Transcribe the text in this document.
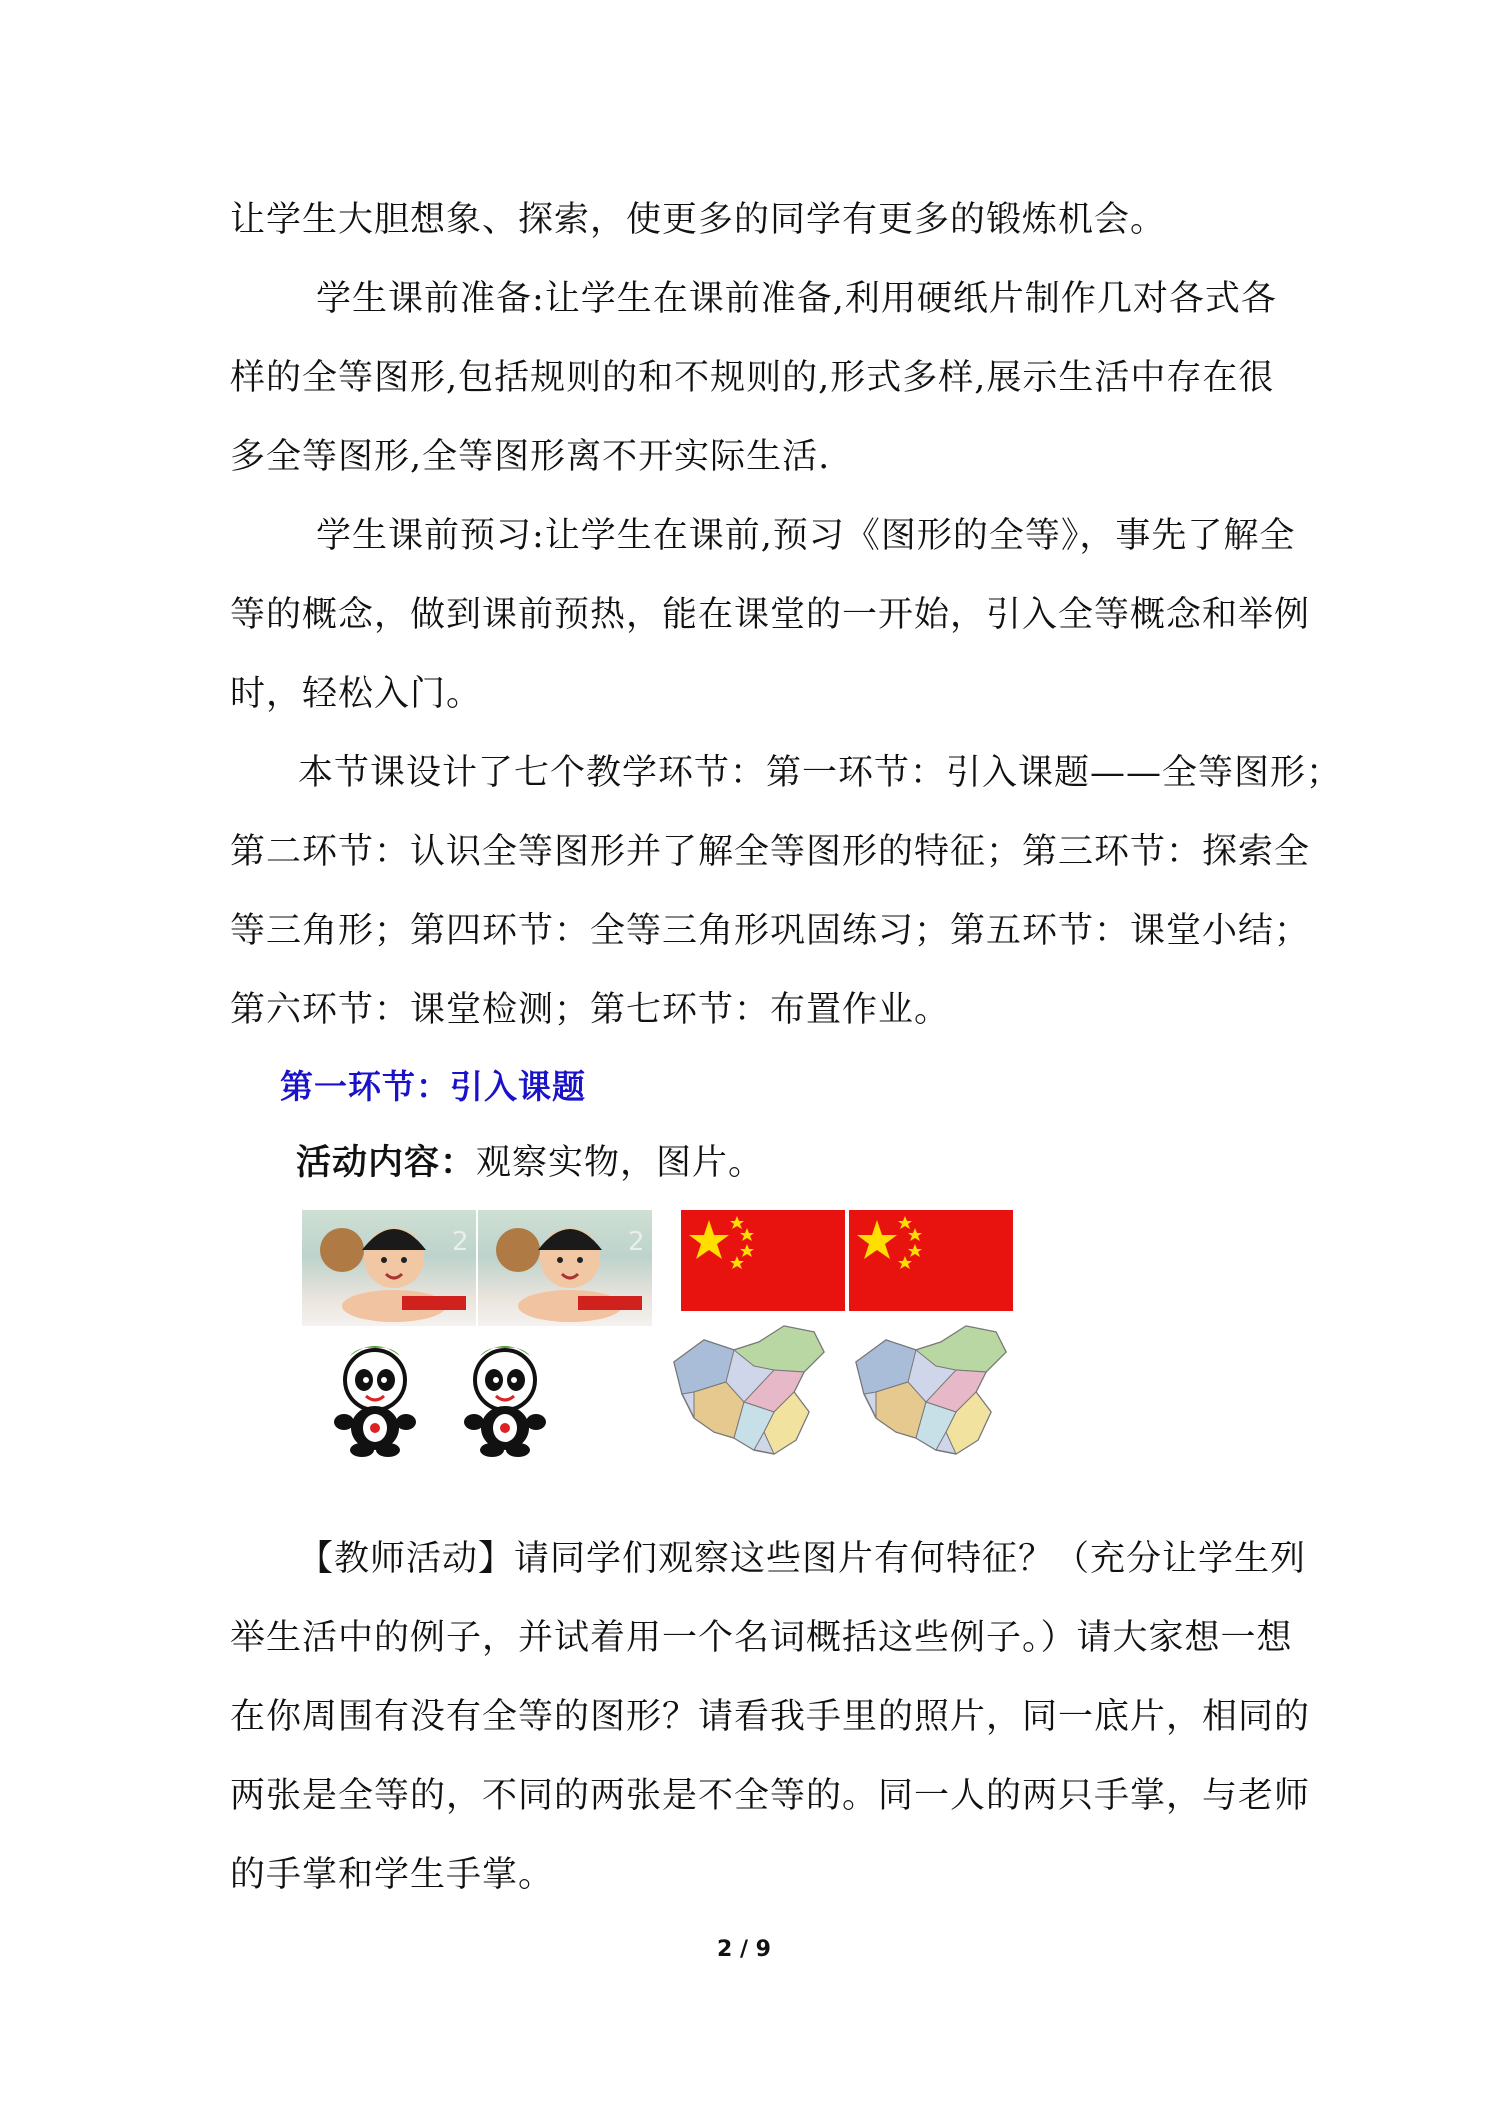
让学生大胆想象、探索，使更多的同学有更多的锻炼机会。
学生课前准备:让学生在课前准备,利用硬纸片制作几对各式各
样的全等图形,包括规则的和不规则的,形式多样,展示生活中存在很
多全等图形,全等图形离不开实际生活.
学生课前预习:让学生在课前,预习《图形的全等》，事先了解全
等的概念，做到课前预热，能在课堂的一开始，引入全等概念和举例
时，轻松入门。
本节课设计了七个教学环节：第一环节：引入课题——全等图形；
第二环节：认识全等图形并了解全等图形的特征；第三环节：探索全
等三角形；第四环节：全等三角形巩固练习；第五环节：课堂小结；
第六环节：课堂检测；第七环节：布置作业。
第一环节：引入课题
活动内容：观察实物，图片。
2	2
【教师活动】请同学们观察这些图片有何特征？（充分让学生列
举生活中的例子，并试着用一个名词概括这些例子。）请大家想一想
在你周围有没有全等的图形？请看我手里的照片，同一底片，相同的
两张是全等的，不同的两张是不全等的。同一人的两只手掌，与老师
的手掌和学生手掌。
2 / 9
